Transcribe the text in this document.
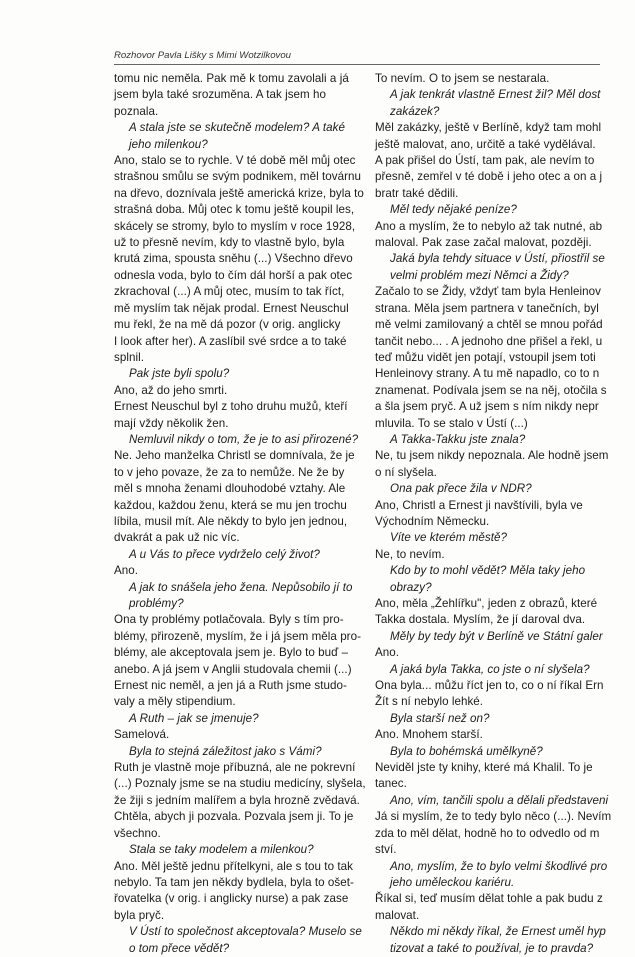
Rozhovor Pavla Lišky s Mimi Wotzilkovou
tomu nic neměla. Pak mě k tomu zavolali a já
jsem byla také srozuměna. A tak jsem ho
poznala.
A stala jste se skutečně modelem? A také
jeho milenkou?
Ano, stalo se to rychle. V té době měl můj otec
strašnou smůlu se svým podnikem, měl továrnu
na dřevo, doznívala ještě americká krize, byla to
strašná doba. Můj otec k tomu ještě koupil les,
skácely se stromy, bylo to myslím v roce 1928,
už to přesně nevím, kdy to vlastně bylo, byla
krutá zima, spousta sněhu (...) Všechno dřevo
odnesla voda, bylo to čím dál horší a pak otec
zkrachoval (...) A můj otec, musím to tak říct,
mě myslím tak nějak prodal. Ernest Neuschul
mu řekl, že na mě dá pozor (v orig. anglicky
I look after her). A zaslíbil své srdce a to také
splnil.
Pak jste byli spolu?
Ano, až do jeho smrti.
Ernest Neuschul byl z toho druhu mužů, kteří
mají vždy několik žen.
Nemluvil nikdy o tom, že je to asi přirozené?
Ne. Jeho manželka Christl se domnívala, že je
to v jeho povaze, že za to nemůže. Ne že by
měl s mnoha ženami dlouhodobé vztahy. Ale
každou, každou ženu, která se mu jen trochu
líbila, musil mít. Ale někdy to bylo jen jednou,
dvakrát a pak už nic víc.
A u Vás to přece vydrželo celý život?
Ano.
A jak to snášela jeho žena. Nepůsobilo jí to
problémy?
Ona ty problémy potlačovala. Byly s tím pro-
blémy, přirozeně, myslím, že i já jsem měla pro-
blémy, ale akceptovala jsem je. Bylo to buď –
anebo. A já jsem v Anglii studovala chemii (...)
Ernest nic neměl, a jen já a Ruth jsme studo-
valy a měly stipendium.
A Ruth – jak se jmenuje?
Samelová.
Byla to stejná záležitost jako s Vámi?
Ruth je vlastně moje příbuzná, ale ne pokrevní
(...) Poznaly jsme se na studiu medicíny, slyšela,
že žiji s jedním malířem a byla hrozně zvědavá.
Chtěla, abych ji pozvala. Pozvala jsem ji. To je
všechno.
Stala se taky modelem a milenkou?
Ano. Měl ještě jednu přítelkyni, ale s tou to tak
nebylo. Ta tam jen někdy bydlela, byla to ošet-
řovatelka (v orig. i anglicky nurse) a pak zase
byla pryč.
V Ústí to společnost akceptovala? Muselo se
o tom přece vědět?
To nevím. O to jsem se nestarala.
A jak tenkrát vlastně Ernest žil? Měl dost
zakázek?
Měl zakázky, ještě v Berlíně, když tam mohl
ještě malovat, ano, určitě a také vydělával.
A pak přišel do Ústí, tam pak, ale nevím to
přesně, zemřel v té době i jeho otec a on a j
bratr také dědili.
Měl tedy nějaké peníze?
Ano a myslím, že to nebylo až tak nutné, ab
maloval. Pak zase začal malovat, později.
Jaká byla tehdy situace v Ústí, přiostřil se
velmi problém mezi Němci a Židy?
Začalo to se Židy, vždyť tam byla Henleinov
strana. Měla jsem partnera v tanečních, byl
mě velmi zamilovaný a chtěl se mnou pořád
tančit nebo... . A jednoho dne přišel a řekl, u
teď můžu vidět jen potají, vstoupil jsem toti
Henleinovy strany. A tu mě napadlo, co to n
znamenat. Podívala jsem se na něj, otočila s
a šla jsem pryč. A už jsem s ním nikdy nepr
mluvila. To se stalo v Ústí (...)
A Takka-Takku jste znala?
Ne, tu jsem nikdy nepoznala. Ale hodně jsem
o ní slyšela.
Ona pak přece žila v NDR?
Ano, Christl a Ernest ji navštívili, byla ve
Východním Německu.
Víte ve kterém městě?
Ne, to nevím.
Kdo by to mohl vědět? Měla taky jeho
obrazy?
Ano, měla „Žehlířku", jeden z obrazů, které
Takka dostala. Myslím, že jí daroval dva.
Měly by tedy být v Berlíně ve Státní galer
Ano.
A jaká byla Takka, co jste o ní slyšela?
Ona byla... můžu říct jen to, co o ní říkal Ern
Žít s ní nebylo lehké.
Byla starší než on?
Ano. Mnohem starší.
Byla to bohémská umělkyně?
Neviděl jste ty knihy, které má Khalil. To je
tanec.
Ano, vím, tančili spolu a dělali představeni
Já si myslím, že to tedy bylo něco (...). Nevím
zda to měl dělat, hodně ho to odvedlo od m
ství.
Ano, myslím, že to bylo velmi škodlivé pro
jeho uměleckou kariéru.
Říkal si, teď musím dělat tohle a pak budu z
malovat.
Někdo mi někdy říkal, že Ernest uměl hyp
tizovat a také to používal, je to pravda?
